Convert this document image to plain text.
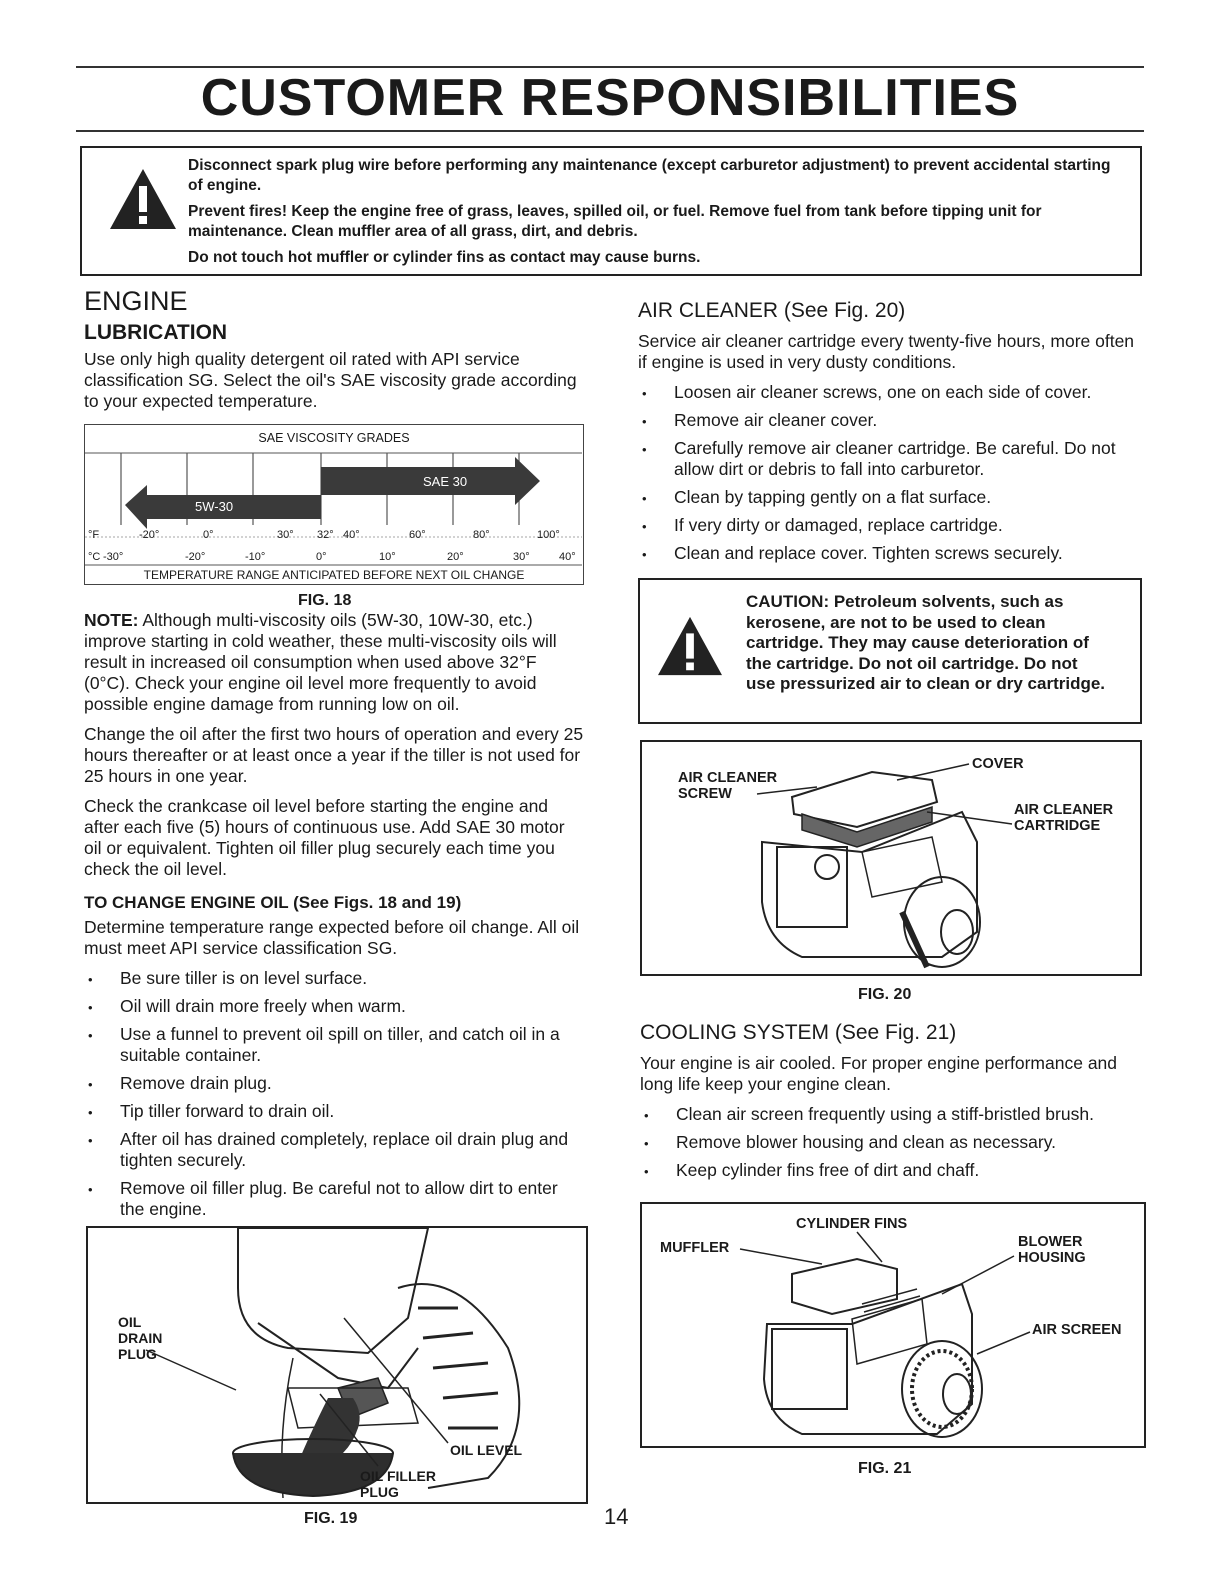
CUSTOMER RESPONSIBILITIES

Disconnect spark plug wire before performing any maintenance (except carburetor adjustment) to prevent accidental starting of engine.

Prevent fires! Keep the engine free of grass, leaves, spilled oil, or fuel. Remove fuel from tank before tipping unit for maintenance. Clean muffler area of all grass, dirt, and debris.

Do not touch hot muffler or cylinder fins as contact may cause burns.

ENGINE
LUBRICATION

Use only high quality detergent oil rated with API service classification SG. Select the oil's SAE viscosity grade according to your expected temperature.

SAE VISCOSITY GRADES
SAE 30
5W-30
°F	-20°	0°	30° 32° 40°	60°	80°	100°
°C -30°	-20°	-10°	0°	10°	20°	30°	40°
TEMPERATURE RANGE ANTICIPATED BEFORE NEXT OIL CHANGE
FIG. 18

NOTE: Although multi-viscosity oils (5W-30, 10W-30, etc.) improve starting in cold weather, these multi-viscosity oils will result in increased oil consumption when used above 32°F (0°C). Check your engine oil level more frequently to avoid possible engine damage from running low on oil.

Change the oil after the first two hours of operation and every 25 hours thereafter or at least once a year if the tiller is not used for 25 hours in one year.

Check the crankcase oil level before starting the engine and after each five (5) hours of continuous use. Add SAE 30 motor oil or equivalent. Tighten oil filler plug securely each time you check the oil level.

TO CHANGE ENGINE OIL (See Figs. 18 and 19)

Determine temperature range expected before oil change. All oil must meet API service classification SG.

• Be sure tiller is on level surface.
• Oil will drain more freely when warm.
• Use a funnel to prevent oil spill on tiller, and catch oil in a suitable container.
• Remove drain plug.
• Tip tiller forward to drain oil.
• After oil has drained completely, replace oil drain plug and tighten securely.
• Remove oil filler plug. Be careful not to allow dirt to enter the engine.
•
OIL DRAIN PLUG
OIL LEVEL
OIL FILLER PLUG
FIG. 19
AIR CLEANER (See Fig. 20)

Service air cleaner cartridge every twenty-five hours, more often if engine is used in very dusty conditions.

• Loosen air cleaner screws, one on each side of cover.
• Remove air cleaner cover.
• Carefully remove air cleaner cartridge. Be careful. Do not allow dirt or debris to fall into carburetor.
• Clean by tapping gently on a flat surface.
• If very dirty or damaged, replace cartridge.
• Clean and replace cover. Tighten screws securely.
CAUTION: Petroleum solvents, such as kerosene, are not to be used to clean cartridge. They may cause deterioration of the cartridge. Do not oil cartridge. Do not use pressurized air to clean or dry cartridge.
AIR CLEANER SCREW
COVER
AIR CLEANER CARTRIDGE
FIG. 20
COOLING SYSTEM (See Fig. 21)

Your engine is air cooled. For proper engine performance and long life keep your engine clean.

• Clean air screen frequently using a stiff-bristled brush.
• Remove blower housing and clean as necessary.
• Keep cylinder fins free of dirt and chaff.
CYLINDER FINS
MUFFLER	BLOWER HOUSING
AIR SCREEN
FIG. 21
14
